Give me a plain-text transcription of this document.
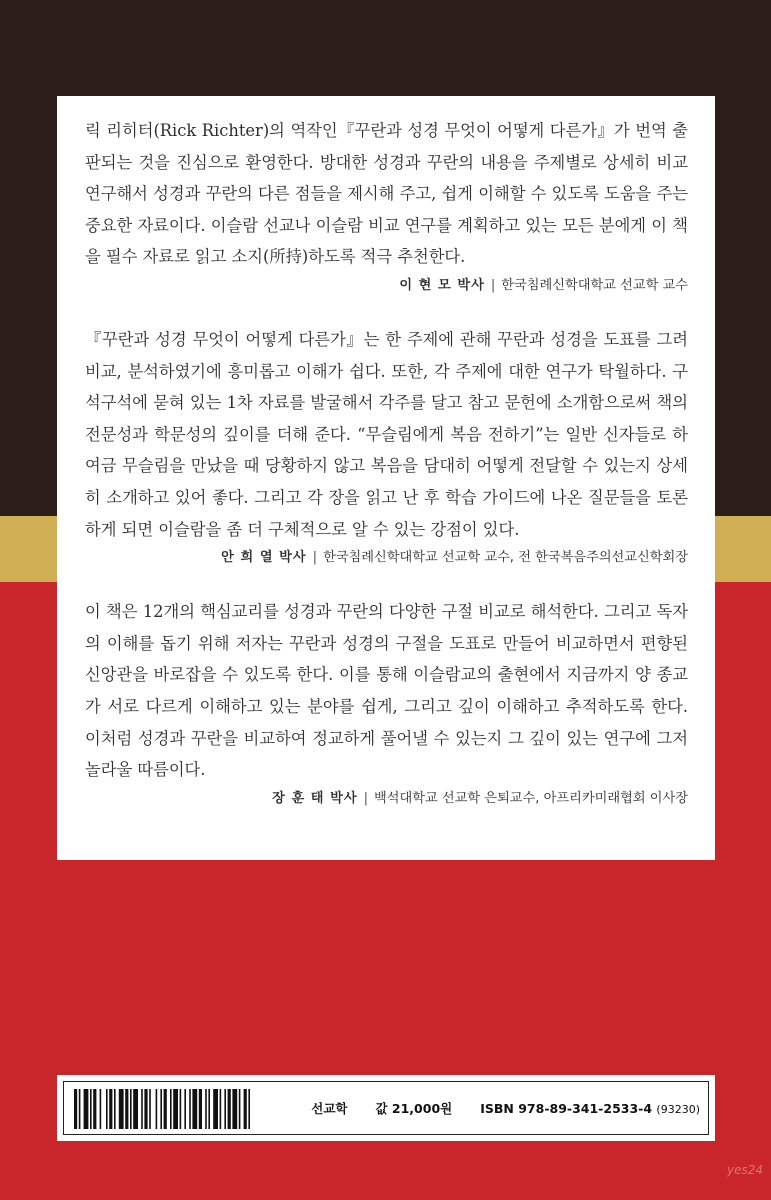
릭 리히터(Rick Richter)의 역작인『꾸란과 성경 무엇이 어떻게 다른가』가 번역 출판되는 것을 진심으로 환영한다. 방대한 성경과 꾸란의 내용을 주제별로 상세히 비교 연구해서 성경과 꾸란의 다른 점들을 제시해 주고, 쉽게 이해할 수 있도록 도움을 주는 중요한 자료이다. 이슬람 선교나 이슬람 비교 연구를 계획하고 있는 모든 분에게 이 책을 필수 자료로 읽고 소지(所持)하도록 적극 추천한다.

이 현 모 박사 | 한국침례신학대학교 선교학 교수

『꾸란과 성경 무엇이 어떻게 다른가』는 한 주제에 관해 꾸란과 성경을 도표를 그려 비교, 분석하였기에 흥미롭고 이해가 쉽다. 또한, 각 주제에 대한 연구가 탁월하다. 구석구석에 묻혀 있는 1차 자료를 발굴해서 각주를 달고 참고 문헌에 소개함으로써 책의 전문성과 학문성의 깊이를 더해 준다. “무슬림에게 복음 전하기”는 일반 신자들로 하여금 무슬림을 만났을 때 당황하지 않고 복음을 담대히 어떻게 전달할 수 있는지 상세히 소개하고 있어 좋다. 그리고 각 장을 읽고 난 후 학습 가이드에 나온 질문들을 토론하게 되면 이슬람을 좀 더 구체적으로 알 수 있는 강점이 있다.

안 희 열 박사 | 한국침례신학대학교 선교학 교수, 전 한국복음주의선교신학회장

이 책은 12개의 핵심교리를 성경과 꾸란의 다양한 구절 비교로 해석한다. 그리고 독자의 이해를 돕기 위해 저자는 꾸란과 성경의 구절을 도표로 만들어 비교하면서 편향된 신앙관을 바로잡을 수 있도록 한다. 이를 통해 이슬람교의 출현에서 지금까지 양 종교가 서로 다르게 이해하고 있는 분야를 쉽게, 그리고 깊이 이해하고 추적하도록 한다. 이처럼 성경과 꾸란을 비교하여 정교하게 풀어낼 수 있는지 그 깊이 있는 연구에 그저 놀라울 따름이다.

장 훈 태 박사 | 백석대학교 선교학 은퇴교수, 아프리카미래협회 이사장
선교학 값 21,000원 ISBN 978-89-341-2533-4 (93230)
yes24
